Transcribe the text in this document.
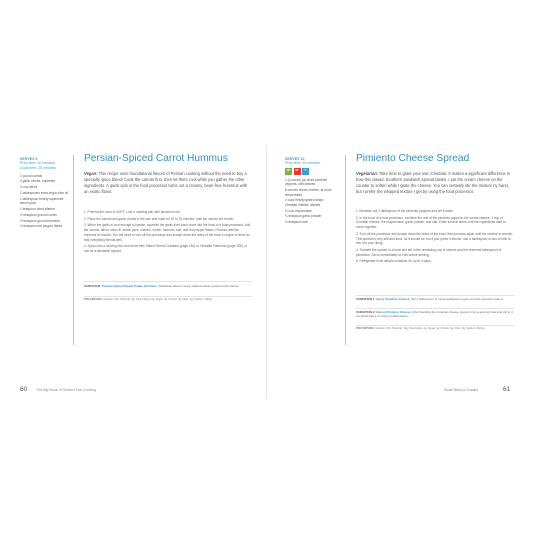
SERVES 6
Prep time: 10 minutes
Cook time: 25 minutes
1 pound carrots
3 garlic cloves, unpeeled
¼ cup tahini
2 tablespoons extra-virgin olive oil
1 tablespoon freshly squeezed lemon juice
1 teaspoon dried cilantro
½ teaspoon ground cumin
½ teaspoon ground turmeric
¼ teaspoon red pepper flakes
Persian-Spiced Carrot Hummus
Vegan: This recipe uses foundational flavors of Persian cooking without the need to buy a specialty spice blend! Cook the carrots first, then let them cool while you gather the other ingredients. A quick spin in the food processor turns out a creamy, bean-free hummus with an exotic flavor.

1. Preheat the oven to 425°F. Line a roasting pan with aluminum foil.

2. Place the carrots and garlic cloves in the pan and roast for 20 to 25 minutes, until the carrots are tender.

3. When the garlic is cool enough to handle, squeeze the garlic from each clove into the bowl of a food processor. Add the carrots, tahini, olive oil, lemon juice, cilantro, cumin, turmeric, salt, and red pepper flakes. Process until the hummus is smooth. You will need to turn off the processor and scrape down the sides of the bowl a couple of times so that everything blends well.

4. Spoon into a serving dish and serve with Salted Fennel Crackers (page 184) or Versatile Flatbread (page 196), or use as a sandwich spread.

VARIATION: Persian-Spiced Sweet Potato Hummus: Substitute about 2 cups mashed sweet potato for the carrots.
PER SERVING: Calories: 126; Total Fat: 9g; Total Carbs: 11g; Sugar: 3g; Protein: 3g; Fiber: 3g; Sodium: 118mg
60 The Big Book of Gluten-Free Cooking
SERVES 12
Prep time: 20 minutes
NF	ST	V
1 (4-ounce) jar diced pimiento peppers, well drained
8 ounces cream cheese, at room temperature
2 cups freshly grated sharp Cheddar cheese, divided
⅓ cup mayonnaise
¼ teaspoon garlic powder
⅛ teaspoon salt
Pimiento Cheese Spread
Vegetarian: Take time to grate your own Cheddar. It makes a significant difference in how this classic Southern sandwich spread tastes. I put the cream cheese on the counter to soften while I grate the cheese. You can certainly stir the mixture by hand, but I prefer the whipped texture I get by using the food processor.

1. Measure out 1 tablespoon of the pimiento peppers and set it aside.

2. In the bowl of a food processor, combine the rest of the pimiento peppers, the cream cheese, 1 cup of Cheddar cheese, the mayonnaise, garlic powder, and salt. Pulse several times until the ingredients start to come together.

3. Turn off the processor and scrape down the sides of the bowl, then process again until the mixture is smooth. This spread is very stiff and thick, as it should be, but if you prefer it thinner, use a tablespoon or two of milk to thin it to your liking.

4. Transfer the spread to a bowl and stir in the remaining cup of cheese and the reserved tablespoon of pimientos. Serve immediately or chill before serving.

5. Refrigerate in an airtight container for up to 4 days.

VARIATION 1: Spicy Pimiento Cheese: Stir 1 tablespoon of minced jalapeño pepper into the spread in step 4.
VARIATION 2: Bacon Pimiento Cheese: After blending the pimiento cheese, spoon it into a serving bowl and stir in 4 crumbled strips of crispy cooked bacon.
PER SERVING: Calories: 150; Total Fat: 13g; Total Carbs: 2g; Sugar: 1g; Protein: 6g; Fiber: 0g; Sodium: 242mg
Small Bites & Snacks	61
